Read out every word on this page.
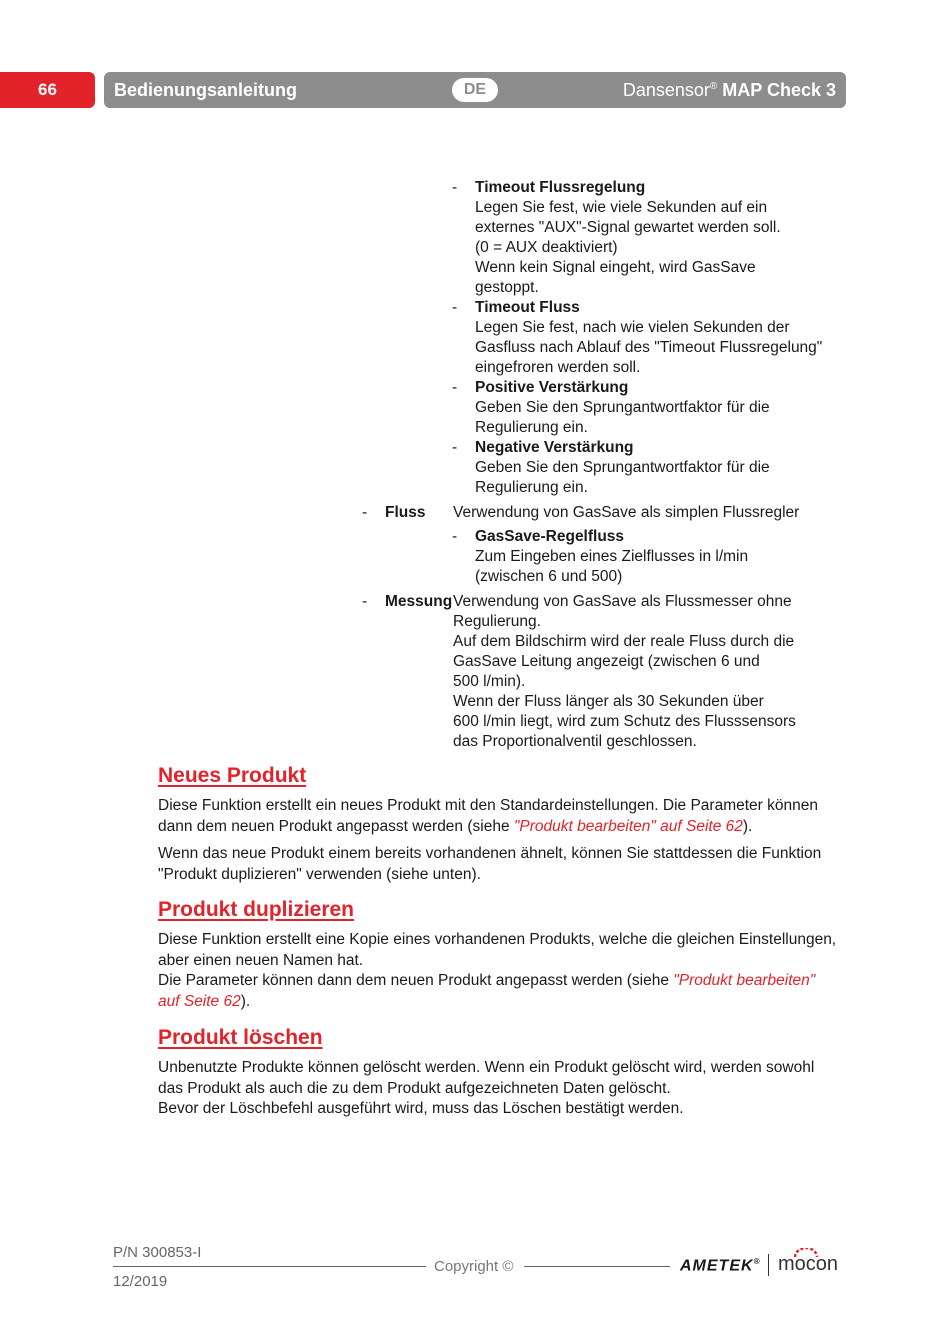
66	Bedienungsanleitung	DE	Dansensor® MAP Check 3
- Timeout Flussregelung
Legen Sie fest, wie viele Sekunden auf ein
externes "AUX"-Signal gewartet werden soll.
(0 = AUX deaktiviert)
Wenn kein Signal eingeht, wird GasSave
gestoppt.
- Timeout Fluss
Legen Sie fest, nach wie vielen Sekunden der
Gasfluss nach Ablauf des "Timeout Flussregelung"
eingefroren werden soll.
- Positive Verstärkung
Geben Sie den Sprungantwortfaktor für die
Regulierung ein.
- Negative Verstärkung
Geben Sie den Sprungantwortfaktor für die
Regulierung ein.
- Fluss Verwendung von GasSave als simplen Flussregler
- GasSave-Regelfluss
Zum Eingeben eines Zielflusses in l/min
(zwischen 6 und 500)
- Messung Verwendung von GasSave als Flussmesser ohne
Regulierung.
Auf dem Bildschirm wird der reale Fluss durch die
GasSave Leitung angezeigt (zwischen 6 und
500 l/min).
Wenn der Fluss länger als 30 Sekunden über
600 l/min liegt, wird zum Schutz des Flusssensors
das Proportionalventil geschlossen.
Neues Produkt
Diese Funktion erstellt ein neues Produkt mit den Standardeinstellungen. Die Parameter können dann dem neuen Produkt angepasst werden (siehe "Produkt bearbeiten" auf Seite 62).
Wenn das neue Produkt einem bereits vorhandenen ähnelt, können Sie stattdessen die Funktion "Produkt duplizieren" verwenden (siehe unten).
Produkt duplizieren
Diese Funktion erstellt eine Kopie eines vorhandenen Produkts, welche die gleichen Einstellungen, aber einen neuen Namen hat.
Die Parameter können dann dem neuen Produkt angepasst werden (siehe "Produkt bearbeiten" auf Seite 62).
Produkt löschen
Unbenutzte Produkte können gelöscht werden. Wenn ein Produkt gelöscht wird, werden sowohl das Produkt als auch die zu dem Produkt aufgezeichneten Daten gelöscht.
Bevor der Löschbefehl ausgeführt wird, muss das Löschen bestätigt werden.
P/N 300853-I
Copyright ©
12/2019
AMETEK® mocon
